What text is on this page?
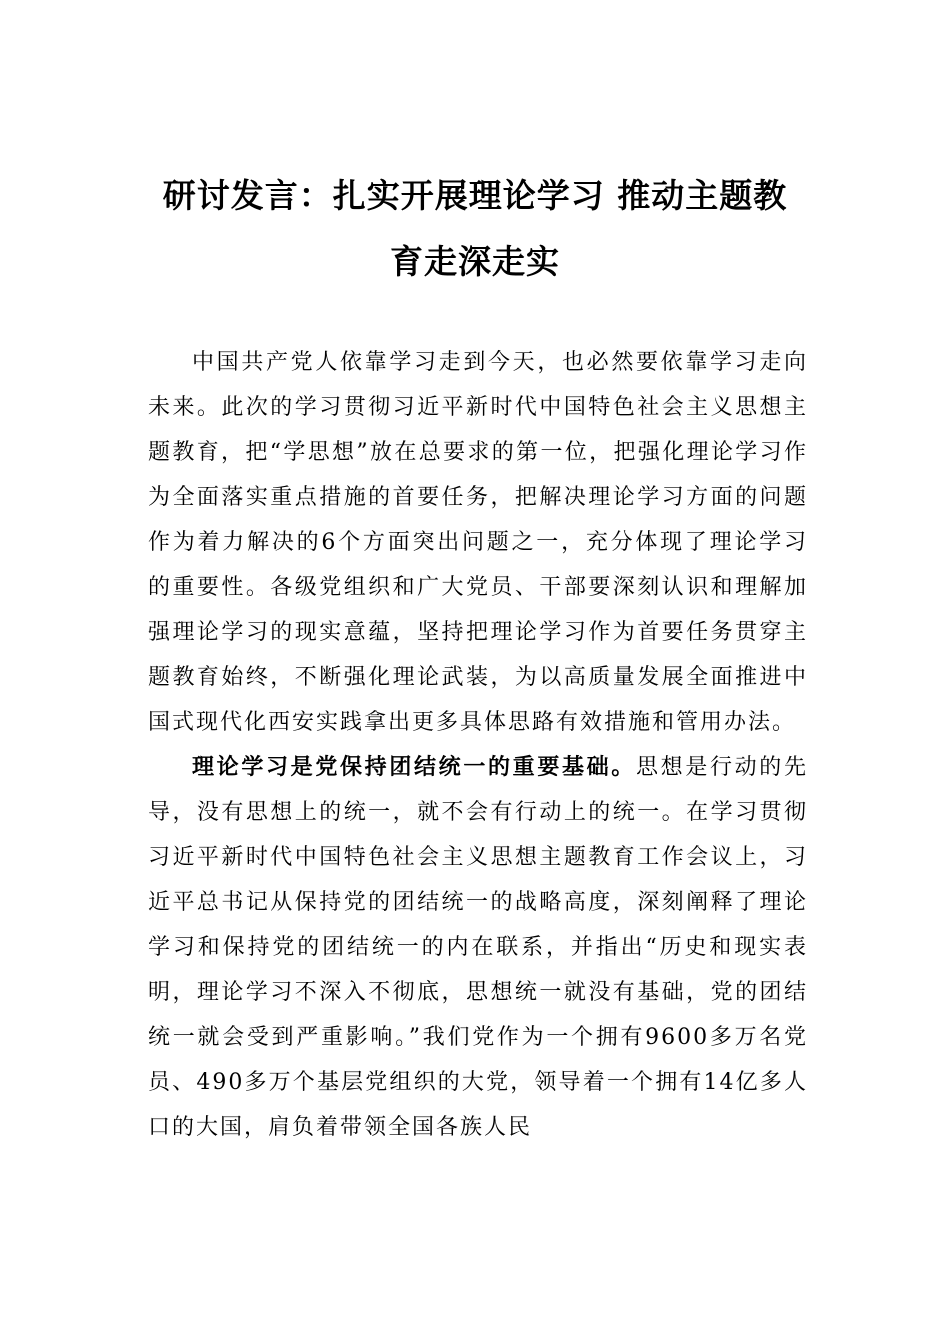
研讨发言：扎实开展理论学习 推动主题教
育走深走实

中国共产党人依靠学习走到今天，也必然要依靠学习走向未来。此次的学习贯彻习近平新时代中国特色社会主义思想主题教育，把“学思想”放在总要求的第一位，把强化理论学习作为全面落实重点措施的首要任务，把解决理论学习方面的问题作为着力解决的6个方面突出问题之一，充分体现了理论学习的重要性。各级党组织和广大党员、干部要深刻认识和理解加强理论学习的现实意蕴，坚持把理论学习作为首要任务贯穿主题教育始终，不断强化理论武装，为以高质量发展全面推进中国式现代化西安实践拿出更多具体思路有效措施和管用办法。

理论学习是党保持团结统一的重要基础。思想是行动的先导，没有思想上的统一，就不会有行动上的统一。在学习贯彻习近平新时代中国特色社会主义思想主题教育工作会议上，习近平总书记从保持党的团结统一的战略高度，深刻阐释了理论学习和保持党的团结统一的内在联系，并指出“历史和现实表明，理论学习不深入不彻底，思想统一就没有基础，党的团结统一就会受到严重影响。”我们党作为一个拥有9600多万名党员、490多万个基层党组织的大党，领导着一个拥有14亿多人口的大国，肩负着带领全国各族人民
